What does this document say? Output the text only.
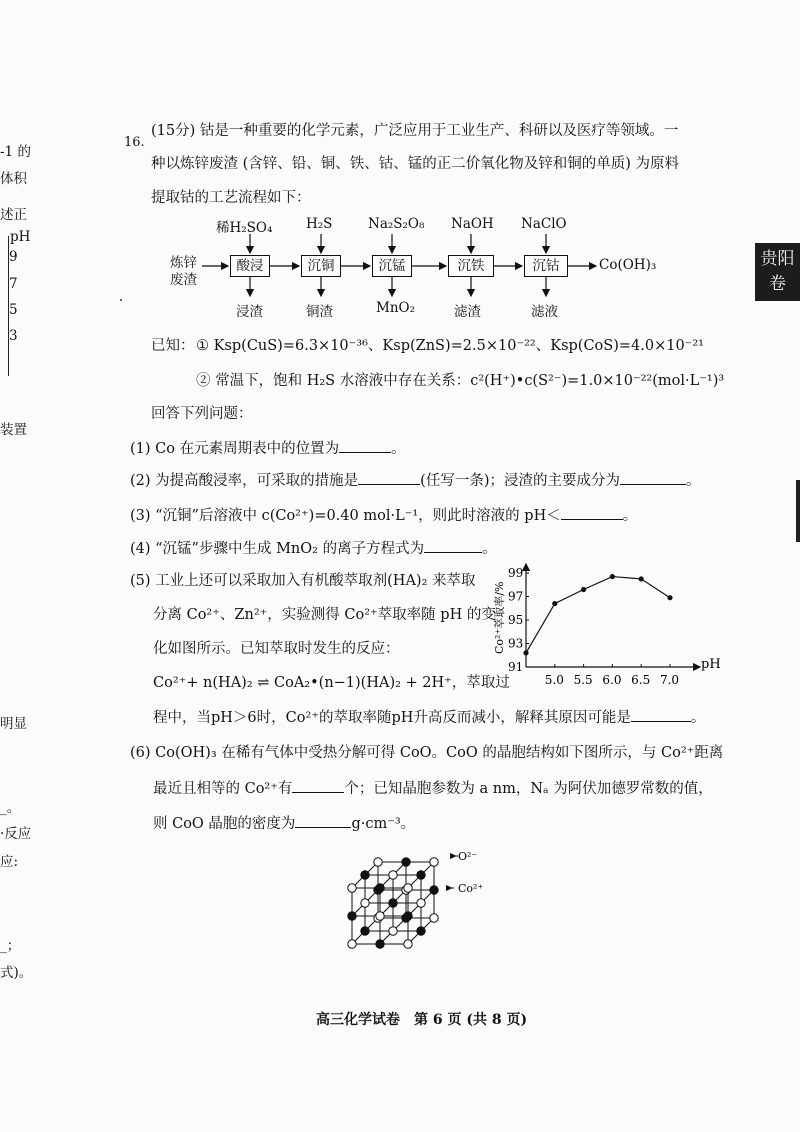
-1 的
体积
述正
pH
9
7
5
3
装置
明显
_。
·反应
应:
_；
式)。
贵阳
卷
16.
(15分) 钴是一种重要的化学元素，广泛应用于工业生产、科研以及医疗等领域。一
种以炼锌废渣 (含锌、铅、铜、铁、钴、锰的正二价氧化物及锌和铜的单质) 为原料
提取钴的工艺流程如下：
炼锌
废渣
稀H₂SO₄ H₂S	Na₂S₂O₈ NaOH NaClO
酸浸	沉铜	沉锰	沉铁	沉钴	Co(OH)₃
浸渣	铜渣	MnO₂	滤渣	滤液
已知： ① Ksp(CuS)=6.3×10⁻³⁶、Ksp(ZnS)=2.5×10⁻²²、Ksp(CoS)=4.0×10⁻²¹
② 常温下，饱和 H₂S 水溶液中存在关系：c²(H⁺)•c(S²⁻)=1.0×10⁻²²(mol·L⁻¹)³
回答下列问题：
(1) Co 在元素周期表中的位置为	。
(2) 为提高酸浸率，可采取的措施是	(任写一条)；浸渣的主要成分为	。
(3) “沉铜”后溶液中 c(Co²⁺)=0.40 mol·L⁻¹，则此时溶液的 pH＜	。
(4) “沉锰”步骤中生成 MnO₂ 的离子方程式为	。
(5) 工业上还可以采取加入有机酸萃取剂(HA)₂ 来萃取
分离 Co²⁺、Zn²⁺，实验测得 Co²⁺萃取率随 pH 的变
化如图所示。已知萃取时发生的反应：
Co²⁺+ n(HA)₂ ⇌ CoA₂•(n−1)(HA)₂ + 2H⁺，萃取过
程中，当pH＞6时，Co²⁺的萃取率随pH升高反而减小，解释其原因可能是	。
pH
Co²⁺萃取率/%
5.0 5.5 6.0 6.5 7.0
91
93
95
97
99
(6) Co(OH)₃ 在稀有气体中受热分解可得 CoO。CoO 的晶胞结构如下图所示，与 Co²⁺距离
最近且相等的 Co²⁺有	个；已知晶胞参数为 a nm，Nₐ 为阿伏加德罗常数的值，
则 CoO 晶胞的密度为	g·cm⁻³。
O²⁻
Co²⁺
高三化学试卷　第 6 页 (共 8 页)
